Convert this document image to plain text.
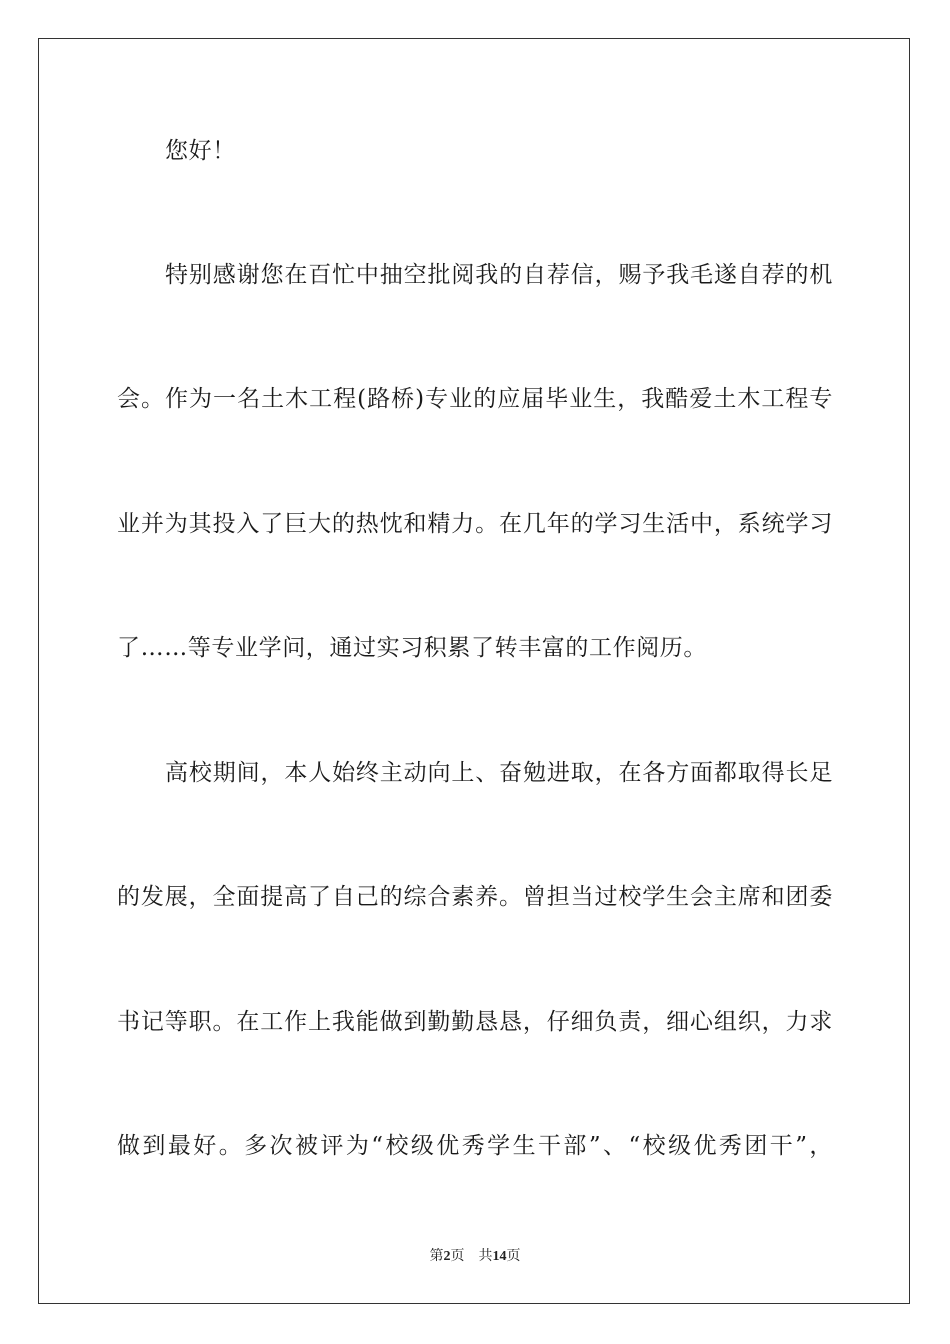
您好！
特别感谢您在百忙中抽空批阅我的自荐信，赐予我毛遂自荐的机
会。作为一名土木工程(路桥)专业的应届毕业生，我酷爱土木工程专
业并为其投入了巨大的热忱和精力。在几年的学习生活中，系统学习
了……等专业学问，通过实习积累了转丰富的工作阅历。
高校期间，本人始终主动向上、奋勉进取，在各方面都取得长足
的发展，全面提高了自己的综合素养。曾担当过校学生会主席和团委
书记等职。在工作上我能做到勤勤恳恳，仔细负责，细心组织，力求
做到最好。多次被评为“校级优秀学生干部”、“校级优秀团干”，
第2页 共14页
